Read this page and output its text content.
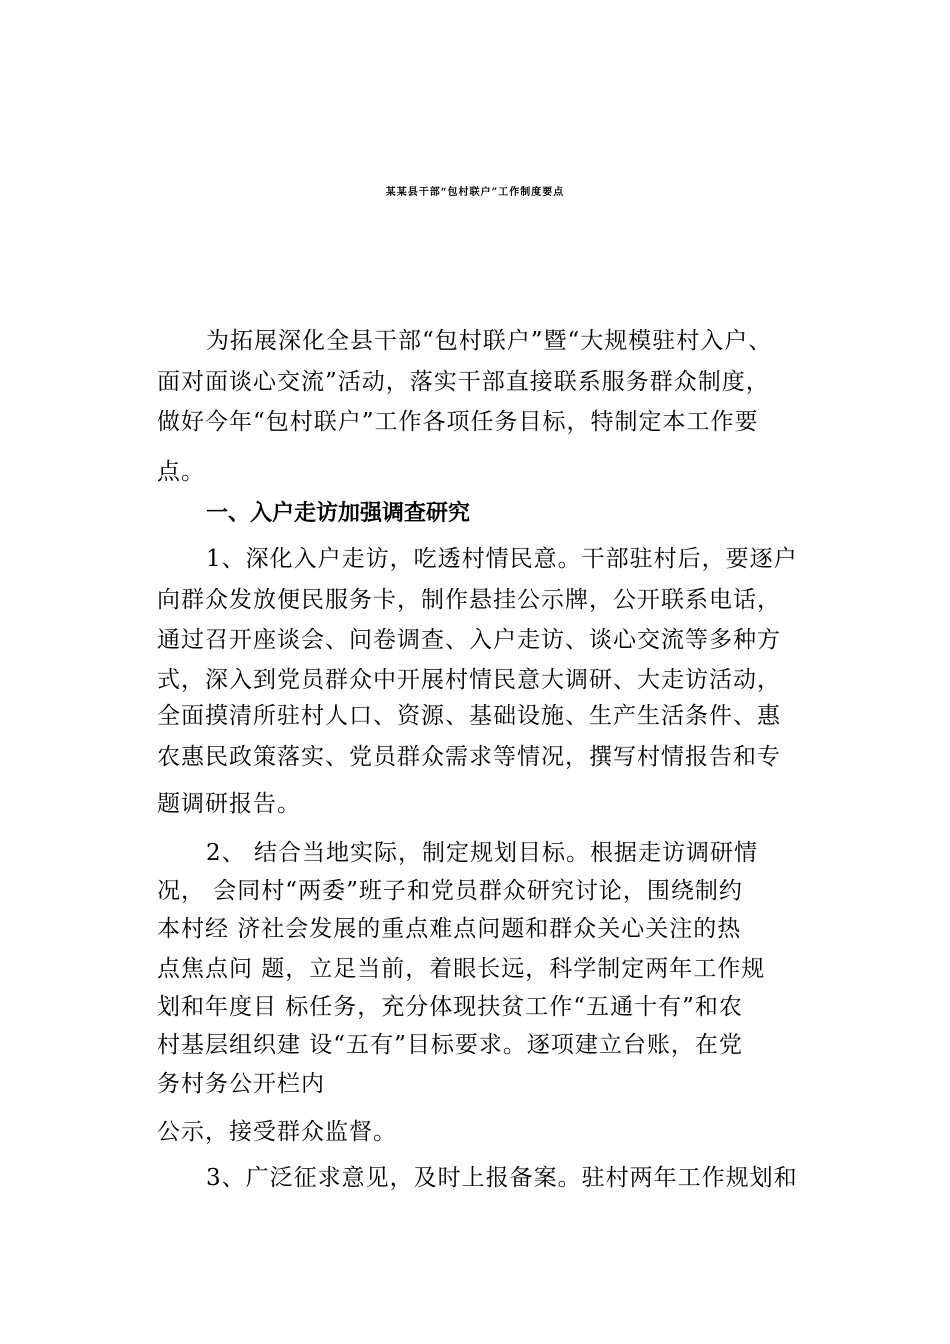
某某县干部“包村联户”工作制度要点
为拓展深化全县干部“包村联户”暨“大规模驻村入户、
面对面谈心交流”活动，落实干部直接联系服务群众制度，
做好今年“包村联户”工作各项任务目标，特制定本工作要
点。
一、入户走访加强调查研究
1、深化入户走访，吃透村情民意。干部驻村后，要逐户
向群众发放便民服务卡，制作悬挂公示牌，公开联系电话，
通过召开座谈会、问卷调查、入户走访、谈心交流等多种方
式，深入到党员群众中开展村情民意大调研、大走访活动，
全面摸清所驻村人口、资源、基础设施、生产生活条件、惠
农惠民政策落实、党员群众需求等情况，撰写村情报告和专
题调研报告。
2、 结合当地实际，制定规划目标。根据走访调研情
况， 会同村“两委”班子和党员群众研究讨论，围绕制约
本村经 济社会发展的重点难点问题和群众关心关注的热
点焦点问 题，立足当前，着眼长远，科学制定两年工作规
划和年度目 标任务，充分体现扶贫工作“五通十有”和农
村基层组织建 设“五有”目标要求。逐项建立台账，在党
务村务公开栏内
公示，接受群众监督。
3、广泛征求意见，及时上报备案。驻村两年工作规划和
